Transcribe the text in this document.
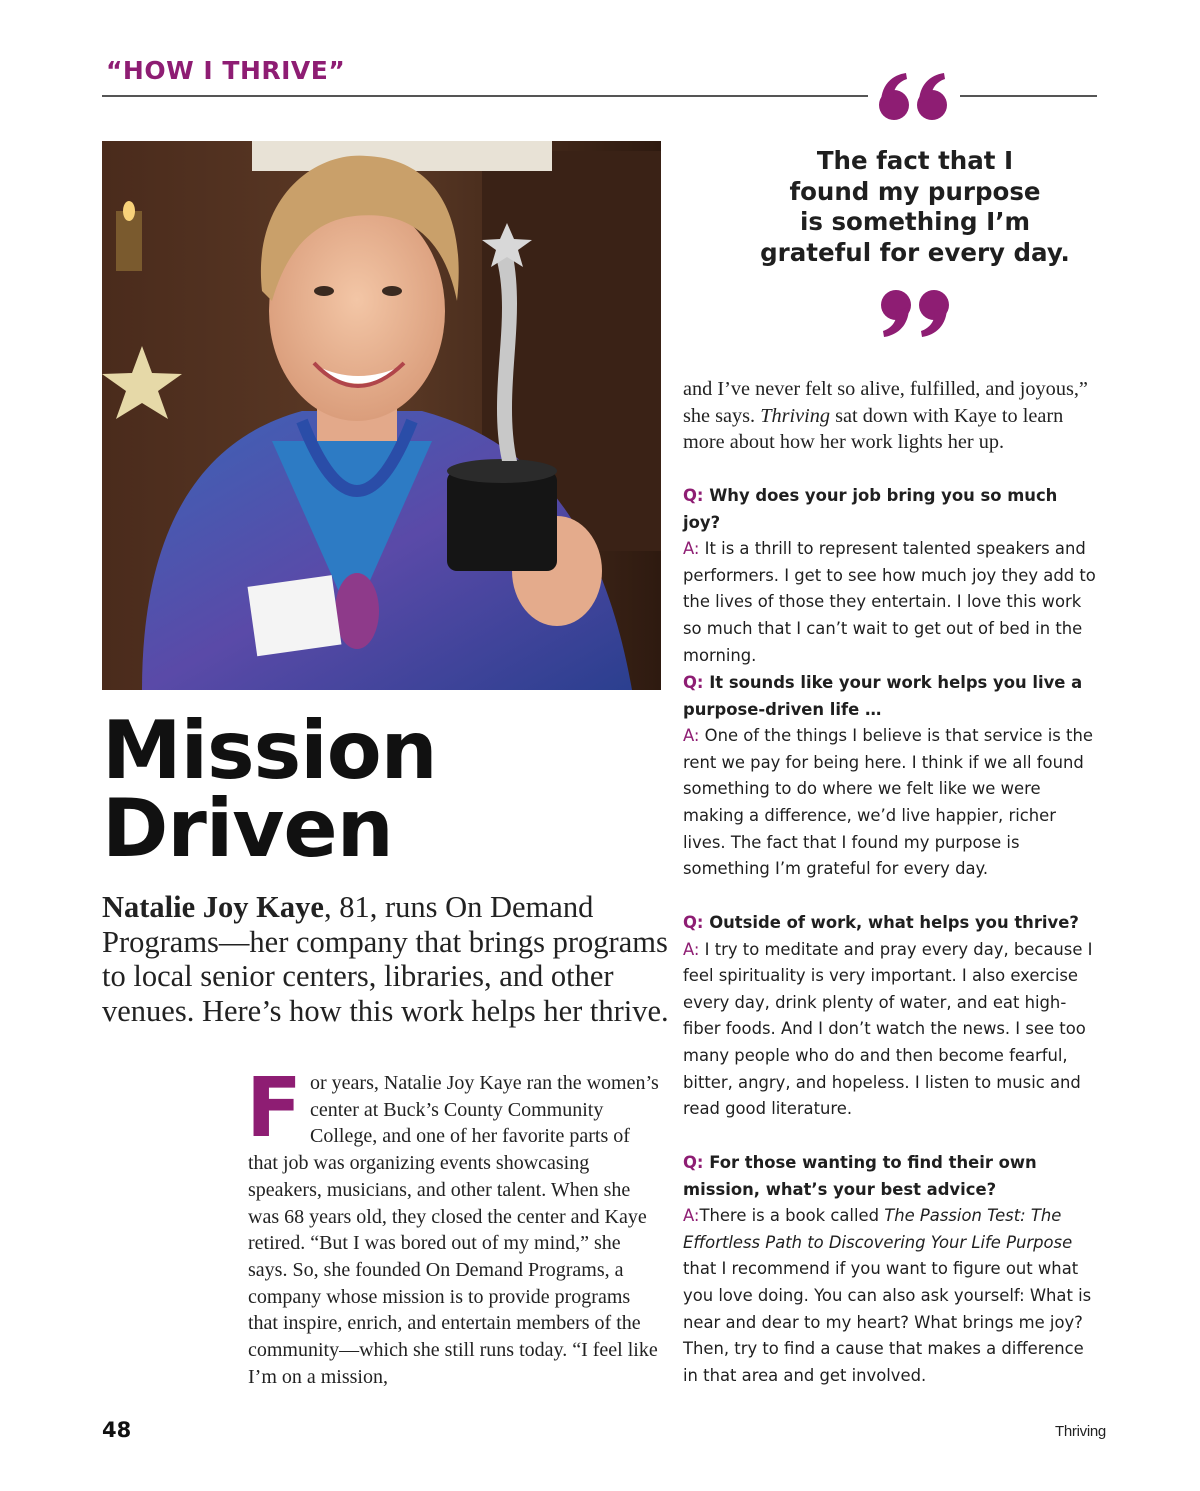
“HOW I THRIVE”
The fact that I
found my purpose
is something I’m
grateful for every day.
Mission
Driven
Natalie Joy Kaye, 81, runs On Demand Programs—her company that brings programs to local senior centers, libraries, and other venues. Here’s how this work helps her thrive.
For years, Natalie Joy Kaye ran the women’s center at Buck’s County Community College, and one of her favorite parts of that job was organizing events showcasing speakers, musicians, and other talent. When she was 68 years old, they closed the center and Kaye retired. “But I was bored out of my mind,” she says. So, she founded On Demand Programs, a company whose mission is to provide programs that inspire, enrich, and entertain members of the community—which she still runs today. “I feel like I’m on a mission,
and I’ve never felt so alive, fulfilled, and joyous,” she says. Thriving sat down with Kaye to learn more about how her work lights her up.
Q: Why does your job bring you so much joy?
A: It is a thrill to represent talented speakers and performers. I get to see how much joy they add to the lives of those they entertain. I love this work so much that I can’t wait to get out of bed in the morning.
Q: It sounds like your work helps you live a purpose-driven life …
A: One of the things I believe is that service is the rent we pay for being here. I think if we all found something to do where we felt like we were making a difference, we’d live happier, richer lives. The fact that I found my purpose is something I’m grateful for every day.
Q: Outside of work, what helps you thrive?
A: I try to meditate and pray every day, because I feel spirituality is very important. I also exercise every day, drink plenty of water, and eat high-fiber foods. And I don’t watch the news. I see too many people who do and then become fearful, bitter, angry, and hopeless. I listen to music and read good literature.
Q: For those wanting to find their own mission, what’s your best advice?
A:There is a book called The Passion Test: The Effortless Path to Discovering Your Life Purpose that I recommend if you want to figure out what you love doing. You can also ask yourself: What is near and dear to my heart? What brings me joy? Then, try to find a cause that makes a difference in that area and get involved.
48	Thriving
